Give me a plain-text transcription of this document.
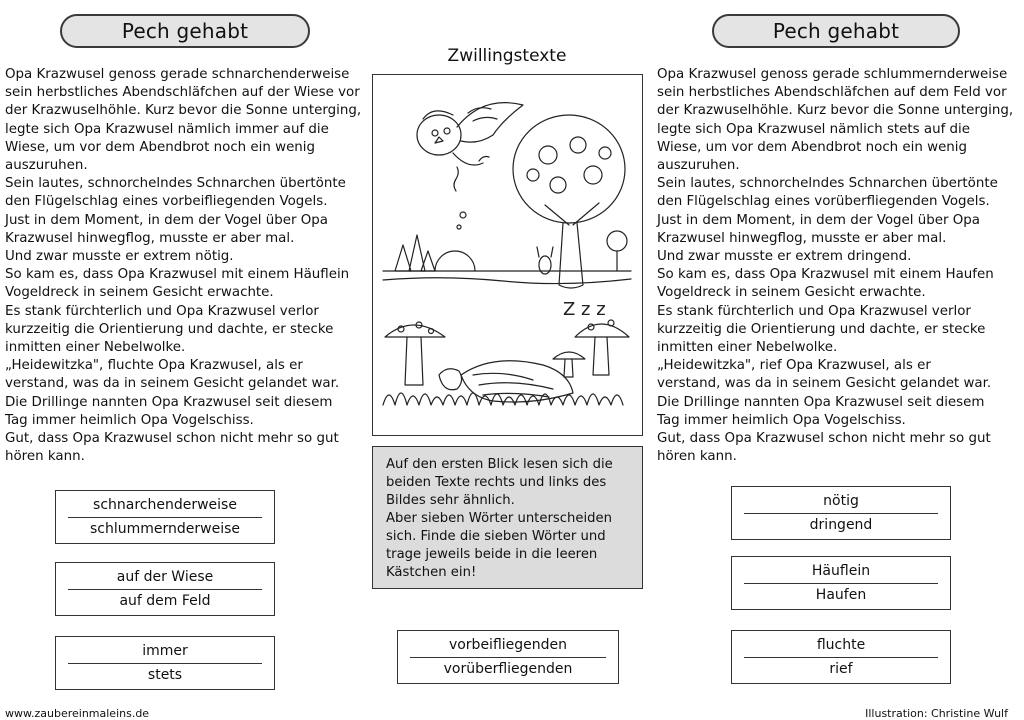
Pech gehabt	Pech gehabt
Zwillingstexte

Opa Krazwusel genoss gerade schnarchenderweise

sein herbstliches Abendschläfchen auf der Wiese vor

der Krazwuselhöhle. Kurz bevor die Sonne unterging,

legte sich Opa Krazwusel nämlich immer auf die

Wiese, um vor dem Abendbrot noch ein wenig

auszuruhen.

Sein lautes, schnorchelndes Schnarchen übertönte

den Flügelschlag eines vorbeifliegenden Vogels.

Just in dem Moment, in dem der Vogel über Opa

Krazwusel hinwegflog, musste er aber mal.

Und zwar musste er extrem nötig.

So kam es, dass Opa Krazwusel mit einem Häuflein

Vogeldreck in seinem Gesicht erwachte.

Es stank fürchterlich und Opa Krazwusel verlor

kurzzeitig die Orientierung und dachte, er stecke

inmitten einer Nebelwolke.

„Heidewitzka", fluchte Opa Krazwusel, als er

verstand, was da in seinem Gesicht gelandet war.

Die Drillinge nannten Opa Krazwusel seit diesem

Tag immer heimlich Opa Vogelschiss.

Gut, dass Opa Krazwusel schon nicht mehr so gut

hören kann.

Opa Krazwusel genoss gerade schlummernderweise

sein herbstliches Abendschläfchen auf dem Feld vor

der Krazwuselhöhle. Kurz bevor die Sonne unterging,

legte sich Opa Krazwusel nämlich stets auf die

Wiese, um vor dem Abendbrot noch ein wenig

auszuruhen.

Sein lautes, schnorchelndes Schnarchen übertönte

den Flügelschlag eines vorüberfliegenden Vogels.

Just in dem Moment, in dem der Vogel über Opa

Krazwusel hinwegflog, musste er aber mal.

Und zwar musste er extrem dringend.

So kam es, dass Opa Krazwusel mit einem Haufen

Vogeldreck in seinem Gesicht erwachte.

Es stank fürchterlich und Opa Krazwusel verlor

kurzzeitig die Orientierung und dachte, er stecke

inmitten einer Nebelwolke.

„Heidewitzka", rief Opa Krazwusel, als er

verstand, was da in seinem Gesicht gelandet war.

Die Drillinge nannten Opa Krazwusel seit diesem

Tag immer heimlich Opa Vogelschiss.

Gut, dass Opa Krazwusel schon nicht mehr so gut

hören kann.

Z z z

Auf den ersten Blick lesen sich die

beiden Texte rechts und links des

Bildes sehr ähnlich.

Aber sieben Wörter unterscheiden

sich. Finde die sieben Wörter und

trage jeweils beide in die leeren

Kästchen ein!

schnarchenderweise
schlummernderweise
auf der Wiese
auf dem Feld
immer
stets
vorbeifliegenden
vorüberfliegenden
nötig
dringend
Häuflein
Haufen
fluchte
rief
www.zaubereinmaleins.de	Illustration: Christine Wulf
